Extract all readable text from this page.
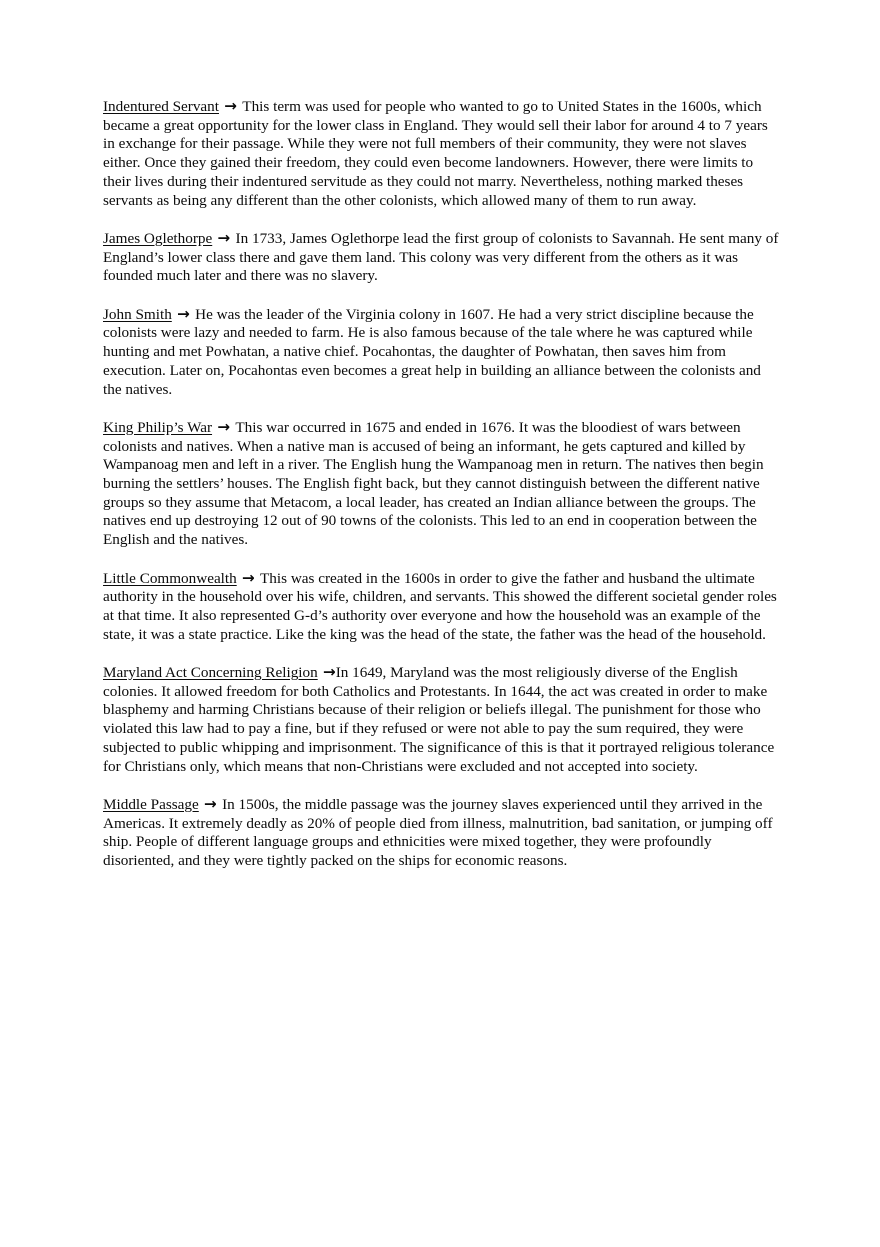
Indentured Servant → This term was used for people who wanted to go to United States in the 1600s, which became a great opportunity for the lower class in England. They would sell their labor for around 4 to 7 years in exchange for their passage. While they were not full members of their community, they were not slaves either. Once they gained their freedom, they could even become landowners. However, there were limits to their lives during their indentured servitude as they could not marry. Nevertheless, nothing marked theses servants as being any different than the other colonists, which allowed many of them to run away.

James Oglethorpe → In 1733, James Oglethorpe lead the first group of colonists to Savannah. He sent many of England’s lower class there and gave them land. This colony was very different from the others as it was founded much later and there was no slavery.

John Smith → He was the leader of the Virginia colony in 1607. He had a very strict discipline because the colonists were lazy and needed to farm. He is also famous because of the tale where he was captured while hunting and met Powhatan, a native chief. Pocahontas, the daughter of Powhatan, then saves him from execution. Later on, Pocahontas even becomes a great help in building an alliance between the colonists and the natives.

King Philip’s War → This war occurred in 1675 and ended in 1676. It was the bloodiest of wars between colonists and natives. When a native man is accused of being an informant, he gets captured and killed by Wampanoag men and left in a river. The English hung the Wampanoag men in return. The natives then begin burning the settlers’ houses. The English fight back, but they cannot distinguish between the different native groups so they assume that Metacom, a local leader, has created an Indian alliance between the groups. The natives end up destroying 12 out of 90 towns of the colonists. This led to an end in cooperation between the English and the natives.

Little Commonwealth → This was created in the 1600s in order to give the father and husband the ultimate authority in the household over his wife, children, and servants. This showed the different societal gender roles at that time. It also represented G-d’s authority over everyone and how the household was an example of the state, it was a state practice. Like the king was the head of the state, the father was the head of the household.

Maryland Act Concerning Religion →In 1649, Maryland was the most religiously diverse of the English colonies. It allowed freedom for both Catholics and Protestants. In 1644, the act was created in order to make blasphemy and harming Christians because of their religion or beliefs illegal. The punishment for those who violated this law had to pay a fine, but if they refused or were not able to pay the sum required, they were subjected to public whipping and imprisonment. The significance of this is that it portrayed religious tolerance for Christians only, which means that non-Christians were excluded and not accepted into society.

Middle Passage → In 1500s, the middle passage was the journey slaves experienced until they arrived in the Americas. It extremely deadly as 20% of people died from illness, malnutrition, bad sanitation, or jumping off ship. People of different language groups and ethnicities were mixed together, they were profoundly disoriented, and they were tightly packed on the ships for economic reasons.
